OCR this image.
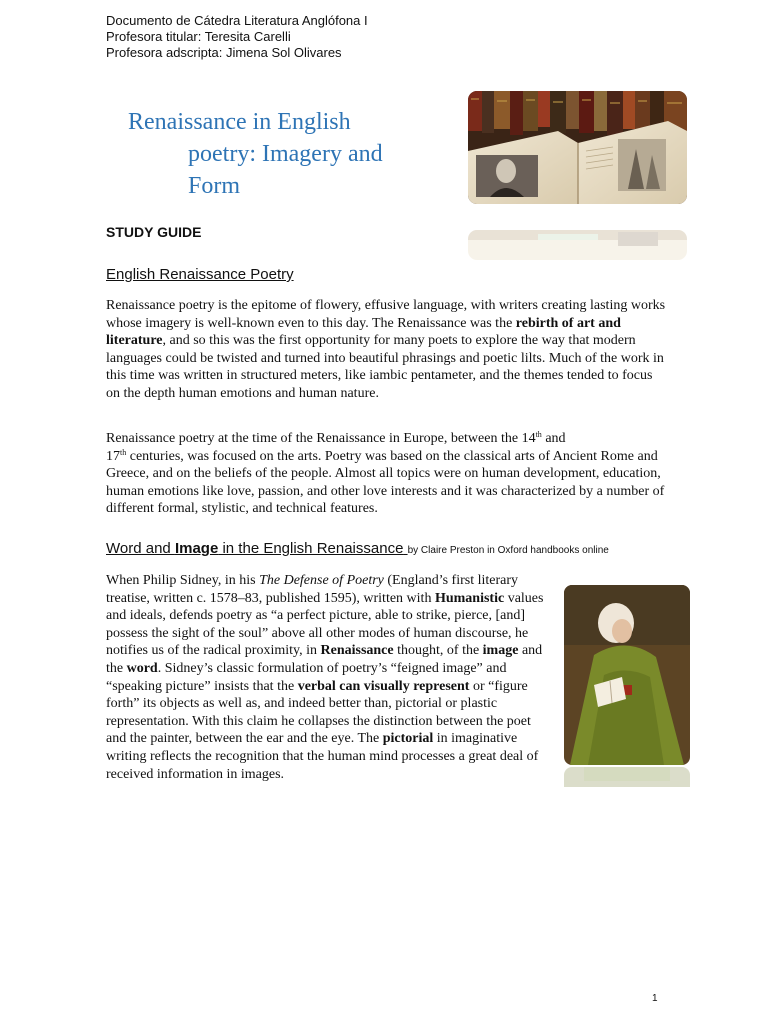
Documento de Cátedra Literatura Anglófona I
Profesora titular: Teresita Carelli
Profesora adscripta: Jimena Sol Olivares
Renaissance in English
poetry: Imagery and
Form
STUDY GUIDE
English Renaissance Poetry
Renaissance poetry is the epitome of flowery, effusive language, with writers creating lasting works whose imagery is well-known even to this day. The Renaissance was the rebirth of art and literature, and so this was the first opportunity for many poets to explore the way that modern languages could be twisted and turned into beautiful phrasings and poetic lilts. Much of the work in this time was written in structured meters, like iambic pentameter, and the themes tended to focus on the depth human emotions and human nature.
Renaissance poetry at the time of the Renaissance in Europe, between the 14th and
17th centuries, was focused on the arts. Poetry was based on the classical arts of Ancient Rome and Greece, and on the beliefs of the people. Almost all topics were on human development, education, human emotions like love, passion, and other love interests and it was characterized by a number of different formal, stylistic, and technical features.
Word and Image in the English Renaissance by Claire Preston in Oxford handbooks online
When Philip Sidney, in his The Defense of Poetry (England’s first literary treatise, written c. 1578–83, published 1595), written with Humanistic values and ideals, defends poetry as “a perfect picture, able to strike, pierce, [and] possess the sight of the soul” above all other modes of human discourse, he notifies us of the radical proximity, in Renaissance thought, of the image and the word. Sidney’s classic formulation of poetry’s “feigned image” and “speaking picture” insists that the verbal can visually represent or “figure forth” its objects as well as, and indeed better than, pictorial or plastic representation. With this claim he collapses the distinction between the poet and the painter, between the ear and the eye. The pictorial in imaginative writing reflects the recognition that the human mind processes a great deal of received information in images.
1
